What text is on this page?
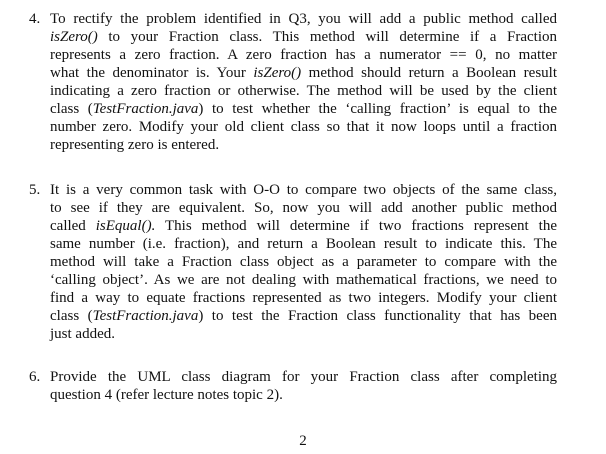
4. To rectify the problem identified in Q3, you will add a public method called
isZero() to your Fraction class. This method will determine if a Fraction
represents a zero fraction. A zero fraction has a numerator == 0, no matter
what the denominator is. Your isZero() method should return a Boolean result
indicating a zero fraction or otherwise. The method will be used by the client
class (TestFraction.java) to test whether the ‘calling fraction’ is equal to the
number zero. Modify your old client class so that it now loops until a fraction
representing zero is entered.
5. It is a very common task with O-O to compare two objects of the same class,
to see if they are equivalent. So, now you will add another public method
called isEqual(). This method will determine if two fractions represent the
same number (i.e. fraction), and return a Boolean result to indicate this. The
method will take a Fraction class object as a parameter to compare with the
‘calling object’. As we are not dealing with mathematical fractions, we need to
find a way to equate fractions represented as two integers. Modify your client
class (TestFraction.java) to test the Fraction class functionality that has been
just added.
6. Provide the UML class diagram for your Fraction class after completing
question 4 (refer lecture notes topic 2).
2
